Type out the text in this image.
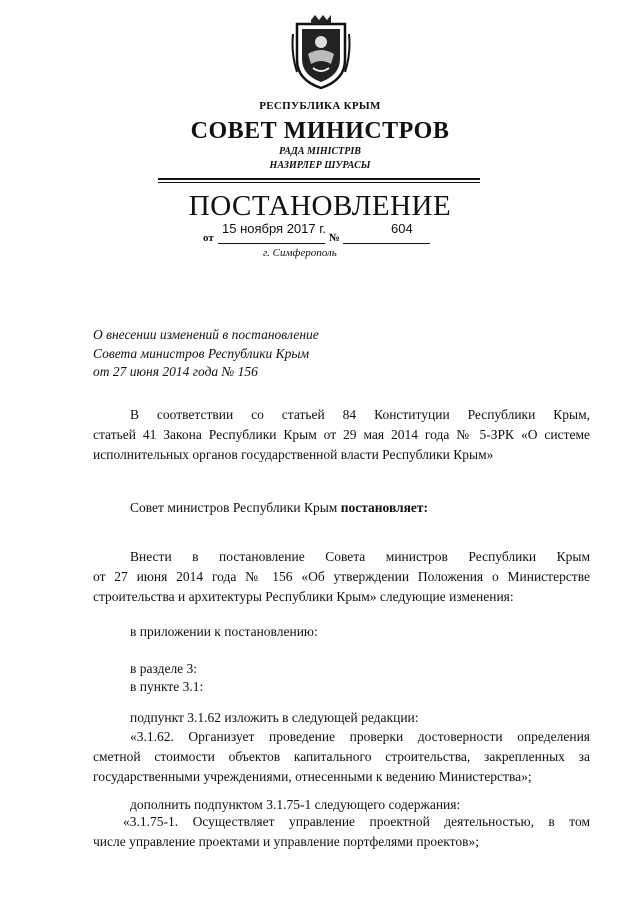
РЕСПУБЛИКА КРЫМ
СОВЕТ МИНИСТРОВ
РАДА МIНIСТРIВ
НАЗИРЛЕР ШУРАСЫ
ПОСТАНОВЛЕНИЕ
15 ноября 2017 г.	604
от	№
г. Симферополь
О внесении изменений в постановление
Совета министров Республики Крым
от 27 июня 2014 года № 156
В соответствии со статьей 84 Конституции Республики Крым,
статьей 41 Закона Республики Крым от 29 мая 2014 года № 5-ЗРК «О системе
исполнительных органов государственной власти Республики Крым»
Совет министров Республики Крым постановляет:
Внести в постановление Совета министров Республики Крым
от 27 июня 2014 года № 156 «Об утверждении Положения о Министерстве
строительства и архитектуры Республики Крым» следующие изменения:
в приложении к постановлению:
в разделе 3:
в пункте 3.1:
подпункт 3.1.62 изложить в следующей редакции:
«3.1.62. Организует проведение проверки достоверности определения
сметной стоимости объектов капитального строительства, закрепленных за
государственными учреждениями, отнесенными к ведению Министерства»;
дополнить подпунктом 3.1.75-1 следующего содержания:
«3.1.75-1. Осуществляет управление проектной деятельностью, в том
числе управление проектами и управление портфелями проектов»;
